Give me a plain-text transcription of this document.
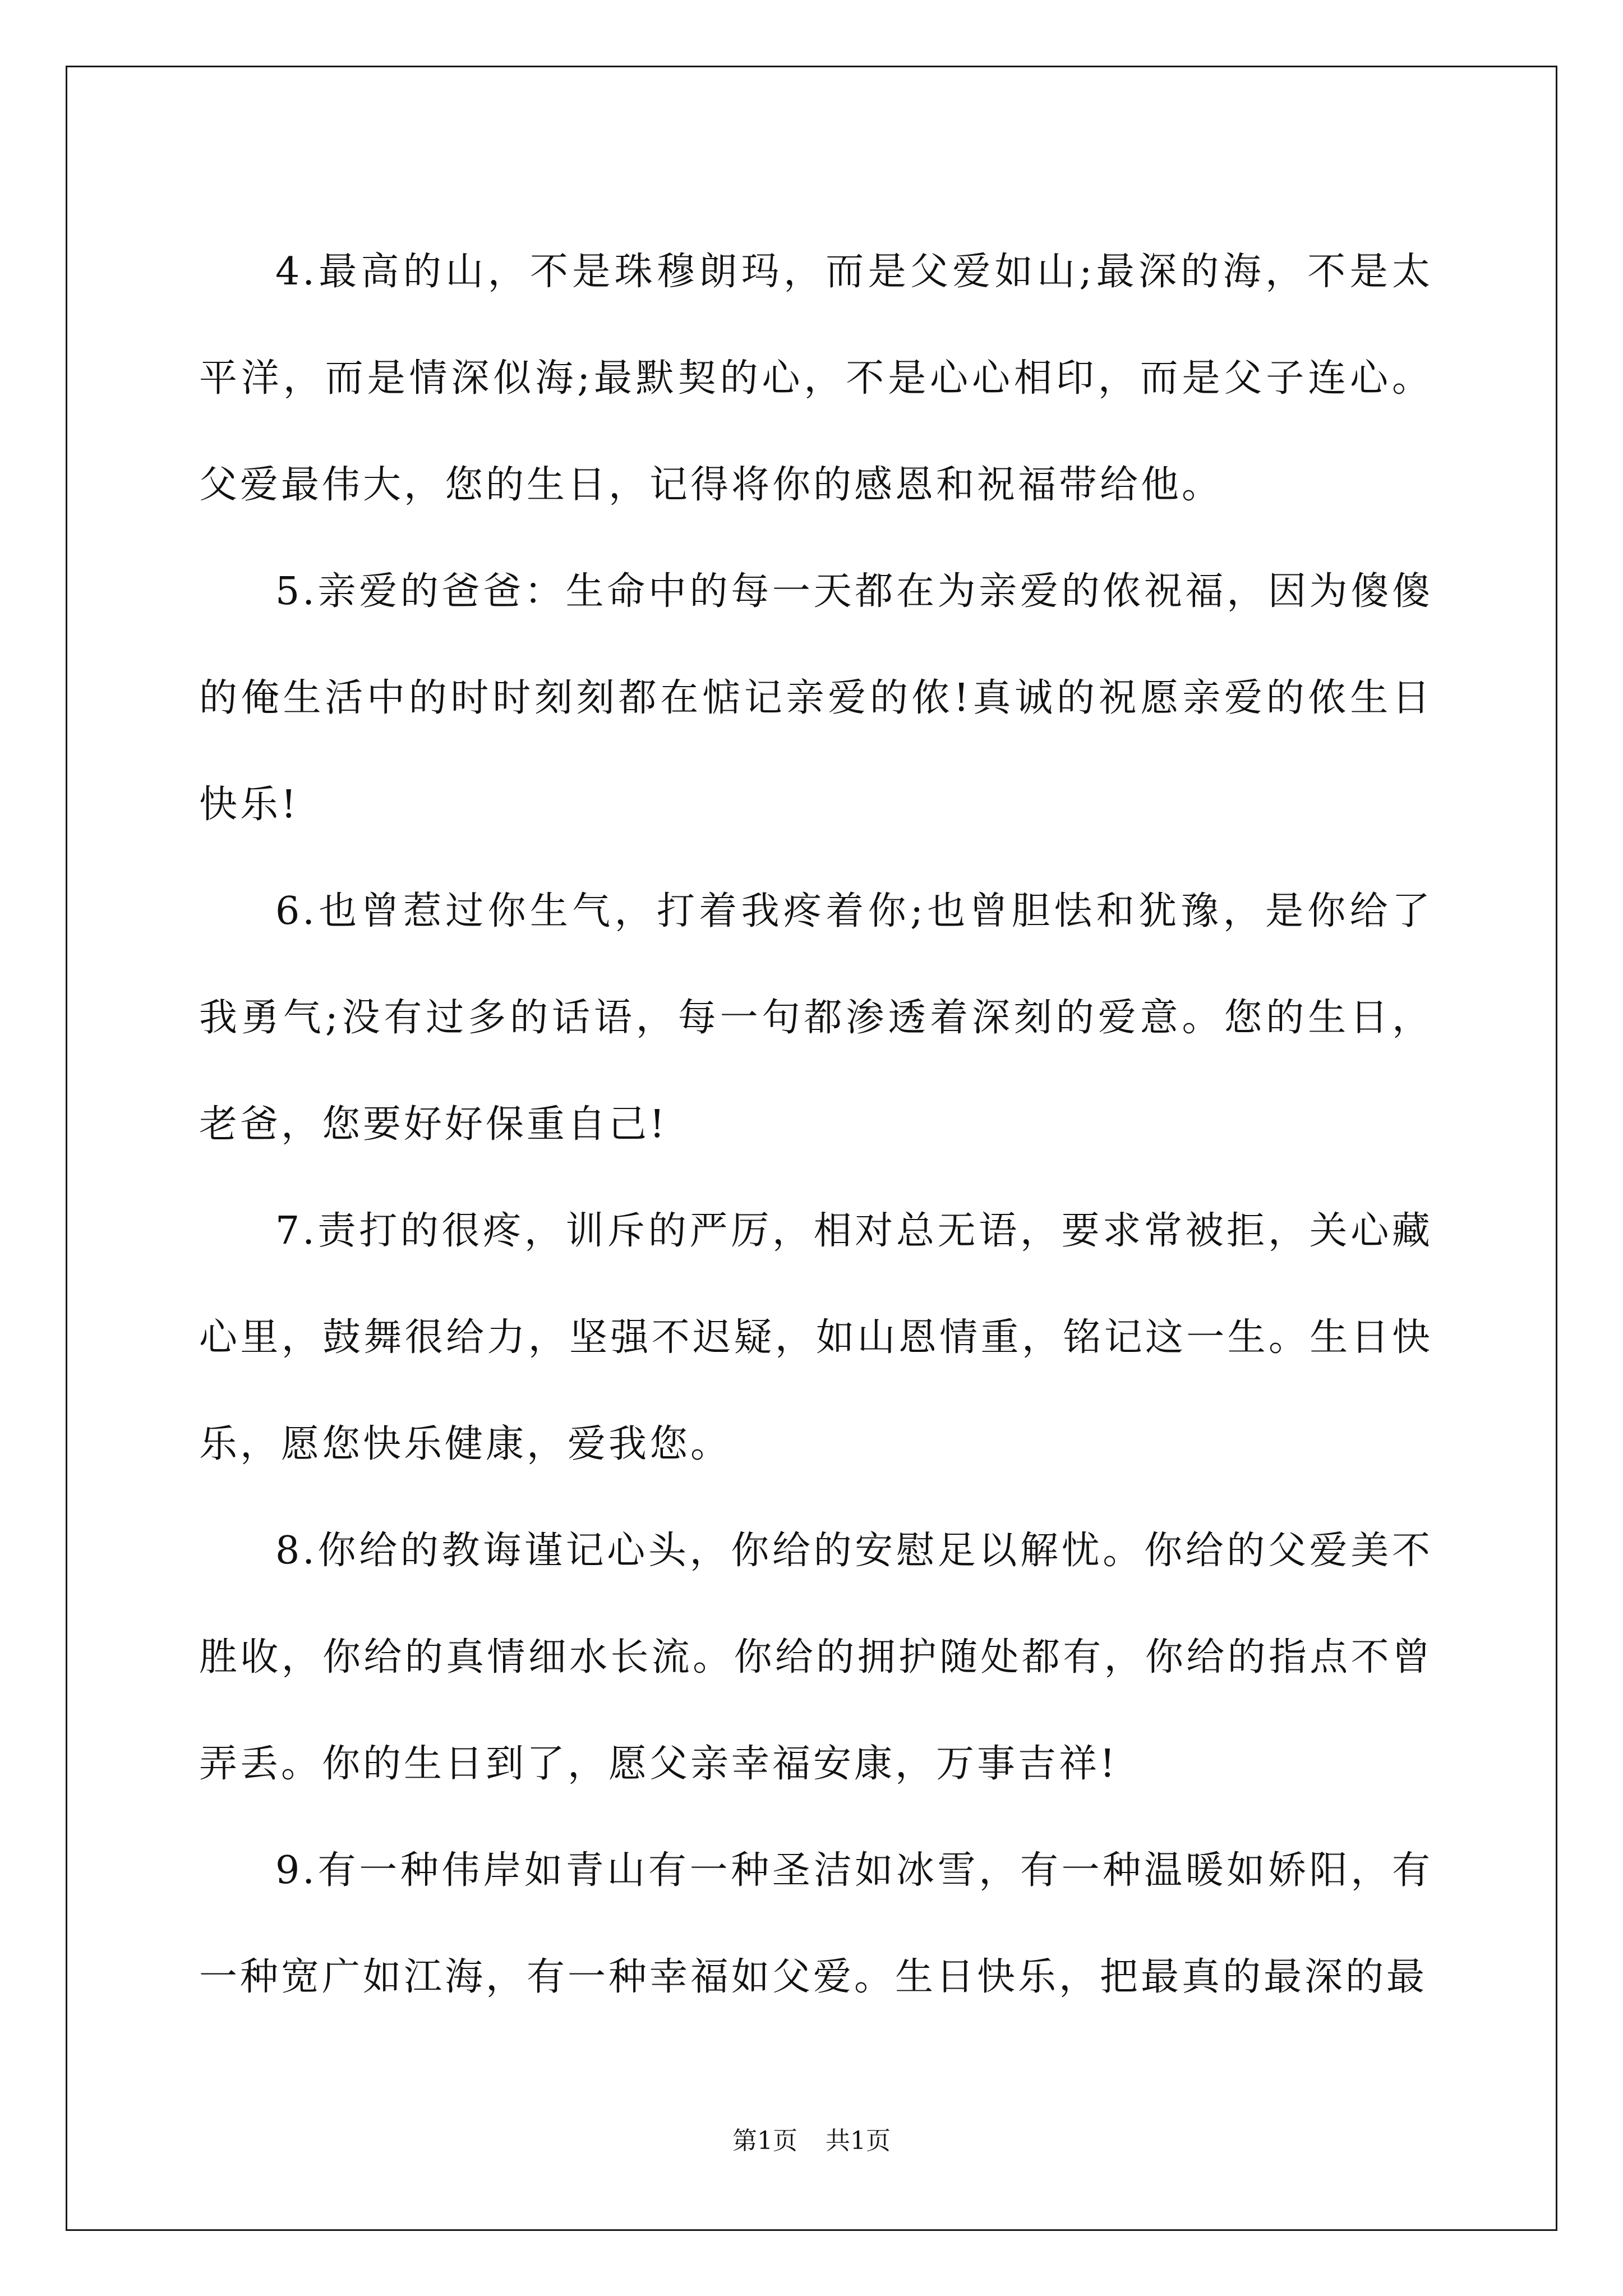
4.最高的山，不是珠穆朗玛，而是父爱如山;最深的海，不是太平洋，而是情深似海;最默契的心，不是心心相印，而是父子连心。父爱最伟大，您的生日，记得将你的感恩和祝福带给他。

5.亲爱的爸爸：生命中的每一天都在为亲爱的侬祝福，因为傻傻的俺生活中的时时刻刻都在惦记亲爱的侬!真诚的祝愿亲爱的侬生日快乐!

6.也曾惹过你生气，打着我疼着你;也曾胆怯和犹豫，是你给了我勇气;没有过多的话语，每一句都渗透着深刻的爱意。您的生日，老爸，您要好好保重自己!

7.责打的很疼，训斥的严厉，相对总无语，要求常被拒，关心藏心里，鼓舞很给力，坚强不迟疑，如山恩情重，铭记这一生。生日快乐，愿您快乐健康，爱我您。

8.你给的教诲谨记心头，你给的安慰足以解忧。你给的父爱美不胜收，你给的真情细水长流。你给的拥护随处都有，你给的指点不曾弄丢。你的生日到了，愿父亲幸福安康，万事吉祥!

9.有一种伟岸如青山有一种圣洁如冰雪，有一种温暖如娇阳，有一种宽广如江海，有一种幸福如父爱。生日快乐，把最真的最深的最

第1页 共1页
